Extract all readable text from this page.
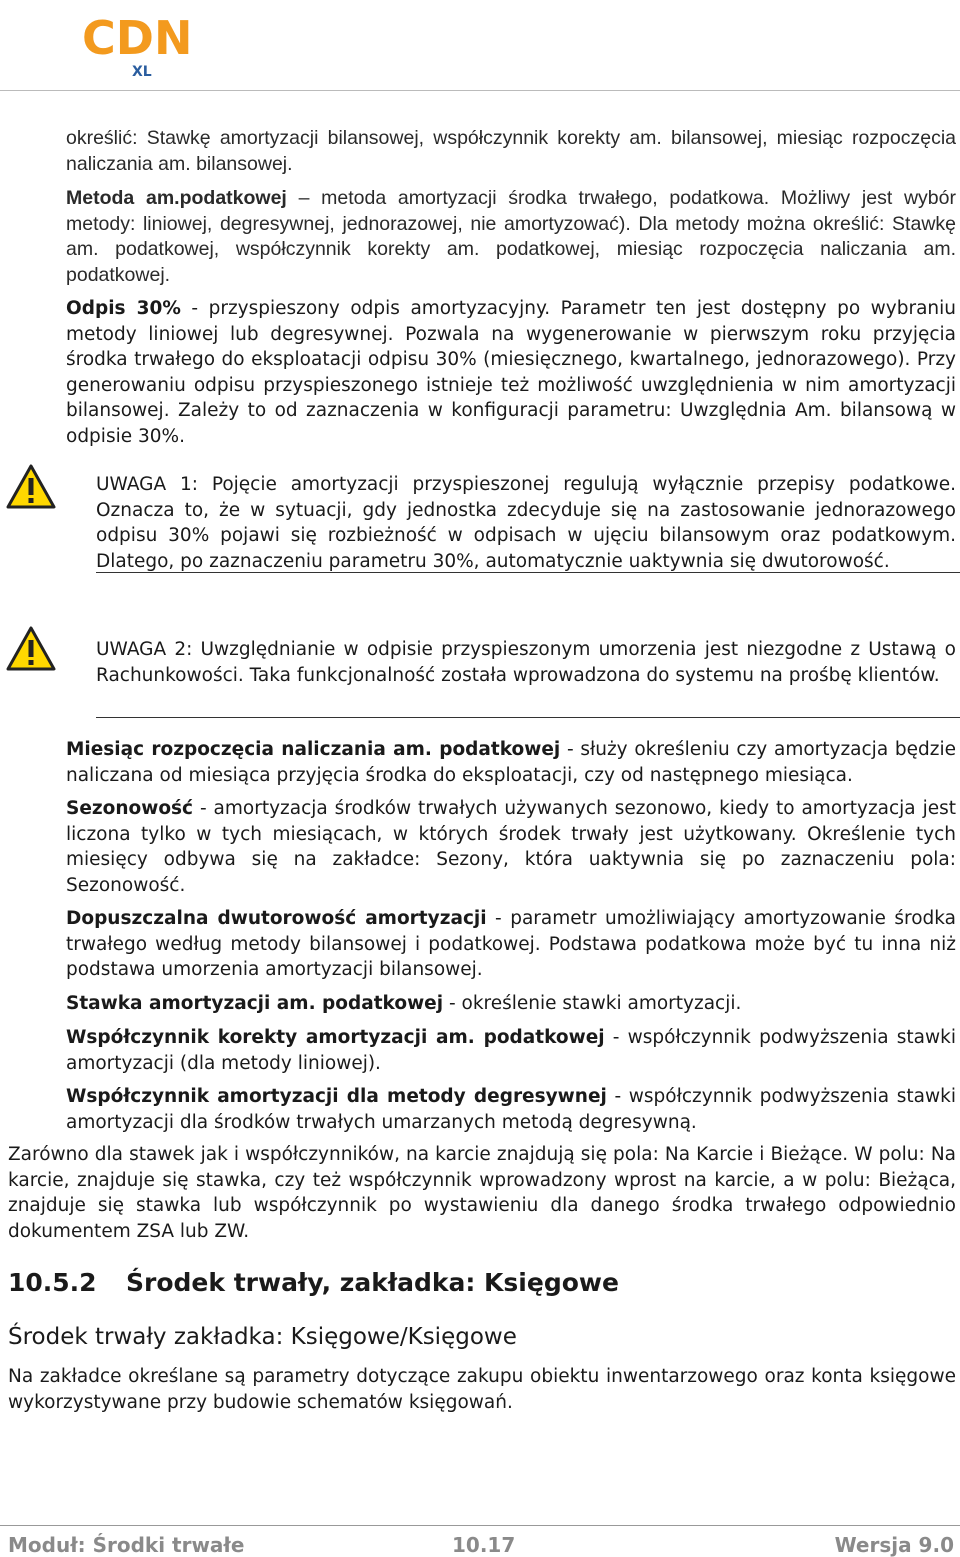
CDN
XL
określić: Stawkę amortyzacji bilansowej, współczynnik korekty am. bilansowej, miesiąc rozpoczęcia naliczania am. bilansowej.
Metoda am.podatkowej – metoda amortyzacji środka trwałego, podatkowa. Możliwy jest wybór metody: liniowej, degresywnej, jednorazowej, nie amortyzować). Dla metody można określić: Stawkę am. podatkowej, współczynnik korekty am. podatkowej, miesiąc rozpoczęcia naliczania am. podatkowej.
Odpis 30% - przyspieszony odpis amortyzacyjny. Parametr ten jest dostępny po wybraniu metody liniowej lub degresywnej. Pozwala na wygenerowanie w pierwszym roku przyjęcia środka trwałego do eksploatacji odpisu 30% (miesięcznego, kwartalnego, jednorazowego). Przy generowaniu odpisu przyspieszonego istnieje też możliwość uwzględnienia w nim amortyzacji bilansowej. Zależy to od zaznaczenia w konfiguracji parametru: Uwzględnia Am. bilansową w odpisie 30%.
UWAGA 1: Pojęcie amortyzacji przyspieszonej regulują wyłącznie przepisy podatkowe. Oznacza to, że w sytuacji, gdy jednostka zdecyduje się na zastosowanie jednorazowego odpisu 30% pojawi się rozbieżność w odpisach w ujęciu bilansowym oraz podatkowym. Dlatego, po zaznaczeniu parametru 30%, automatycznie uaktywnia się dwutorowość.
UWAGA 2: Uwzględnianie w odpisie przyspieszonym umorzenia jest niezgodne z Ustawą o Rachunkowości. Taka funkcjonalność została wprowadzona do systemu na prośbę klientów.
Miesiąc rozpoczęcia naliczania am. podatkowej - służy określeniu czy amortyzacja będzie naliczana od miesiąca przyjęcia środka do eksploatacji, czy od następnego miesiąca.
Sezonowość - amortyzacja środków trwałych używanych sezonowo, kiedy to amortyzacja jest liczona tylko w tych miesiącach, w których środek trwały jest użytkowany. Określenie tych miesięcy odbywa się na zakładce: Sezony, która uaktywnia się po zaznaczeniu pola: Sezonowość.
Dopuszczalna dwutorowość amortyzacji - parametr umożliwiający amortyzowanie środka trwałego według metody bilansowej i podatkowej. Podstawa podatkowa może być tu inna niż podstawa umorzenia amortyzacji bilansowej.
Stawka amortyzacji am. podatkowej - określenie stawki amortyzacji.
Współczynnik korekty amortyzacji am. podatkowej - współczynnik podwyższenia stawki amortyzacji (dla metody liniowej).
Współczynnik amortyzacji dla metody degresywnej - współczynnik podwyższenia stawki amortyzacji dla środków trwałych umarzanych metodą degresywną.
Zarówno dla stawek jak i współczynników, na karcie znajdują się pola: Na Karcie i Bieżące. W polu: Na karcie, znajduje się stawka, czy też współczynnik wprowadzony wprost na karcie, a w polu: Bieżąca, znajduje się stawka lub współczynnik po wystawieniu dla danego środka trwałego odpowiednio dokumentem ZSA lub ZW.
10.5.2 Środek trwały, zakładka: Księgowe
Środek trwały zakładka: Księgowe/Księgowe
Na zakładce określane są parametry dotyczące zakupu obiektu inwentarzowego oraz konta księgowe wykorzystywane przy budowie schematów księgowań.
Moduł: Środki trwałe	10.17	Wersja 9.0
